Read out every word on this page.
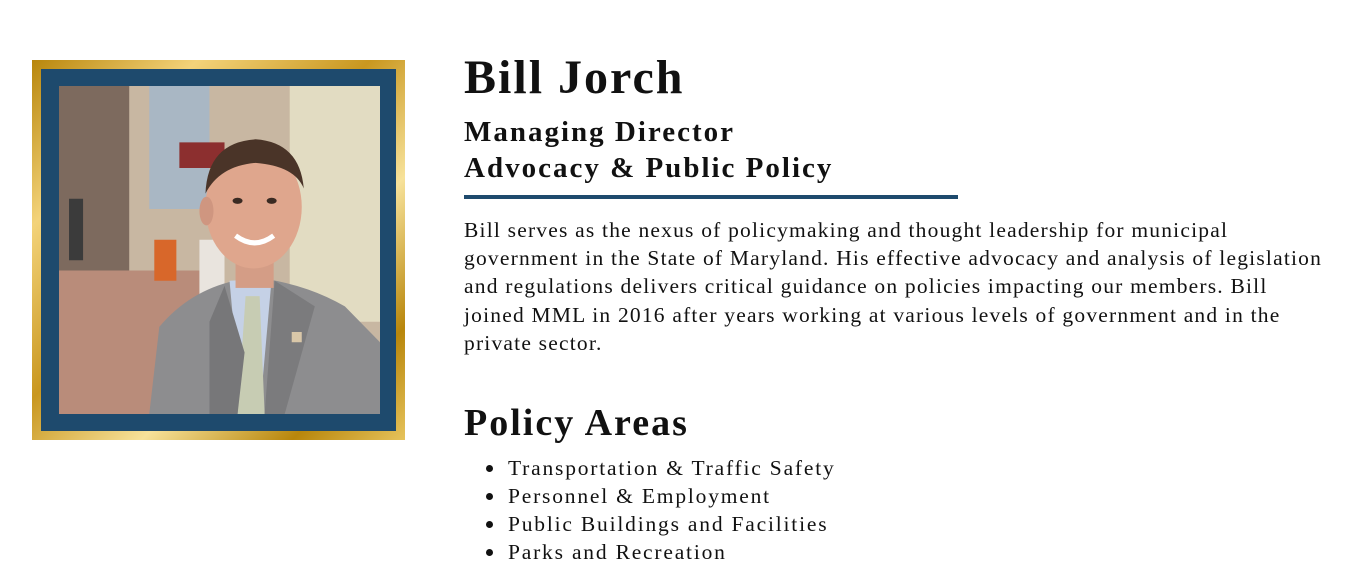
Bill Jorch
Managing Director
Advocacy & Public Policy

Bill serves as the nexus of policymaking and thought leadership for municipal government in the State of Maryland. His effective advocacy and analysis of legislation and regulations delivers critical guidance on policies impacting our members. Bill joined MML in 2016 after years working at various levels of government and in the private sector.

Policy Areas
Transportation & Traffic Safety
Personnel & Employment
Public Buildings and Facilities
Parks and Recreation
